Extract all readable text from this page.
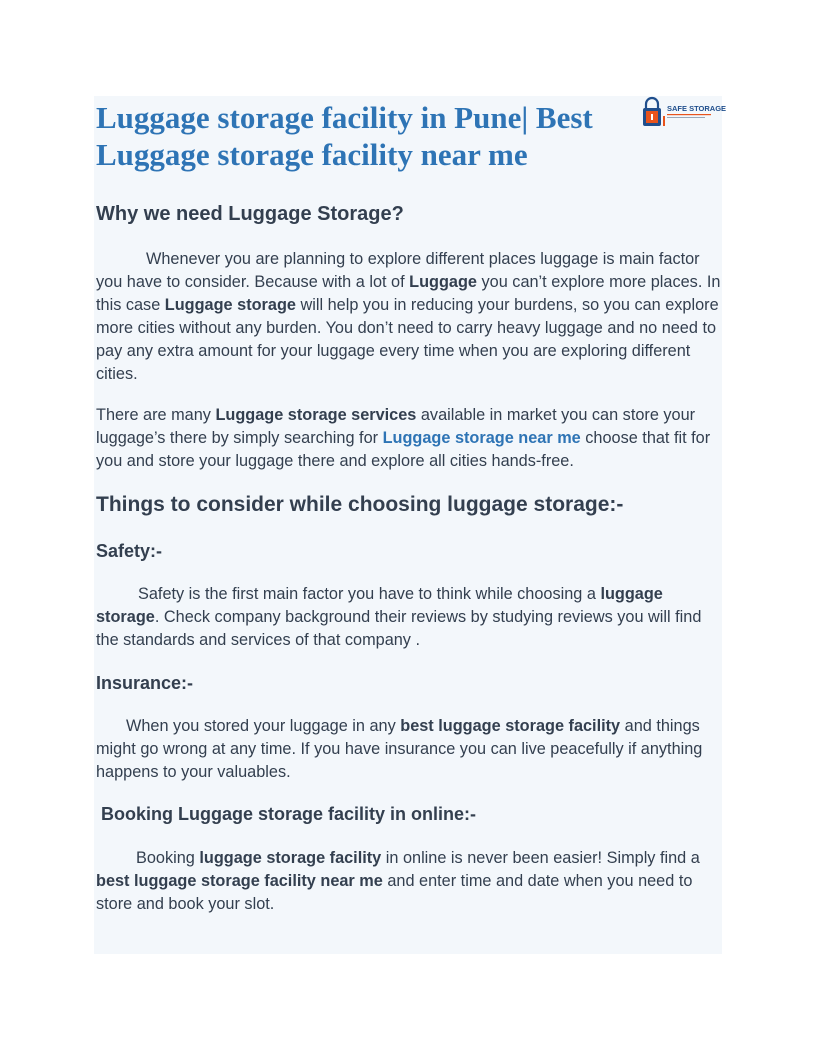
Luggage storage facility in Pune| Best Luggage storage facility near me
SAFE STORAGE
Why we need Luggage Storage?

Whenever you are planning to explore different places luggage is main factor you have to consider. Because with a lot of Luggage you can’t explore more places. In this case Luggage storage will help you in reducing your burdens, so you can explore more cities without any burden. You don’t need to carry heavy luggage and no need to pay any extra amount for your luggage every time when you are exploring different cities.

There are many Luggage storage services available in market you can store your luggage’s there by simply searching for Luggage storage near me choose that fit for you and store your luggage there and explore all cities hands-free.

Things to consider while choosing luggage storage:-
Safety:-

Safety is the first main factor you have to think while choosing a luggage storage. Check company background their reviews by studying reviews you will find the standards and services of that company .

Insurance:-

When you stored your luggage in any best luggage storage facility and things might go wrong at any time. If you have insurance you can live peacefully if anything happens to your valuables.

Booking Luggage storage facility in online:-

Booking luggage storage facility in online is never been easier! Simply find a best luggage storage facility near me and enter time and date when you need to store and book your slot.
